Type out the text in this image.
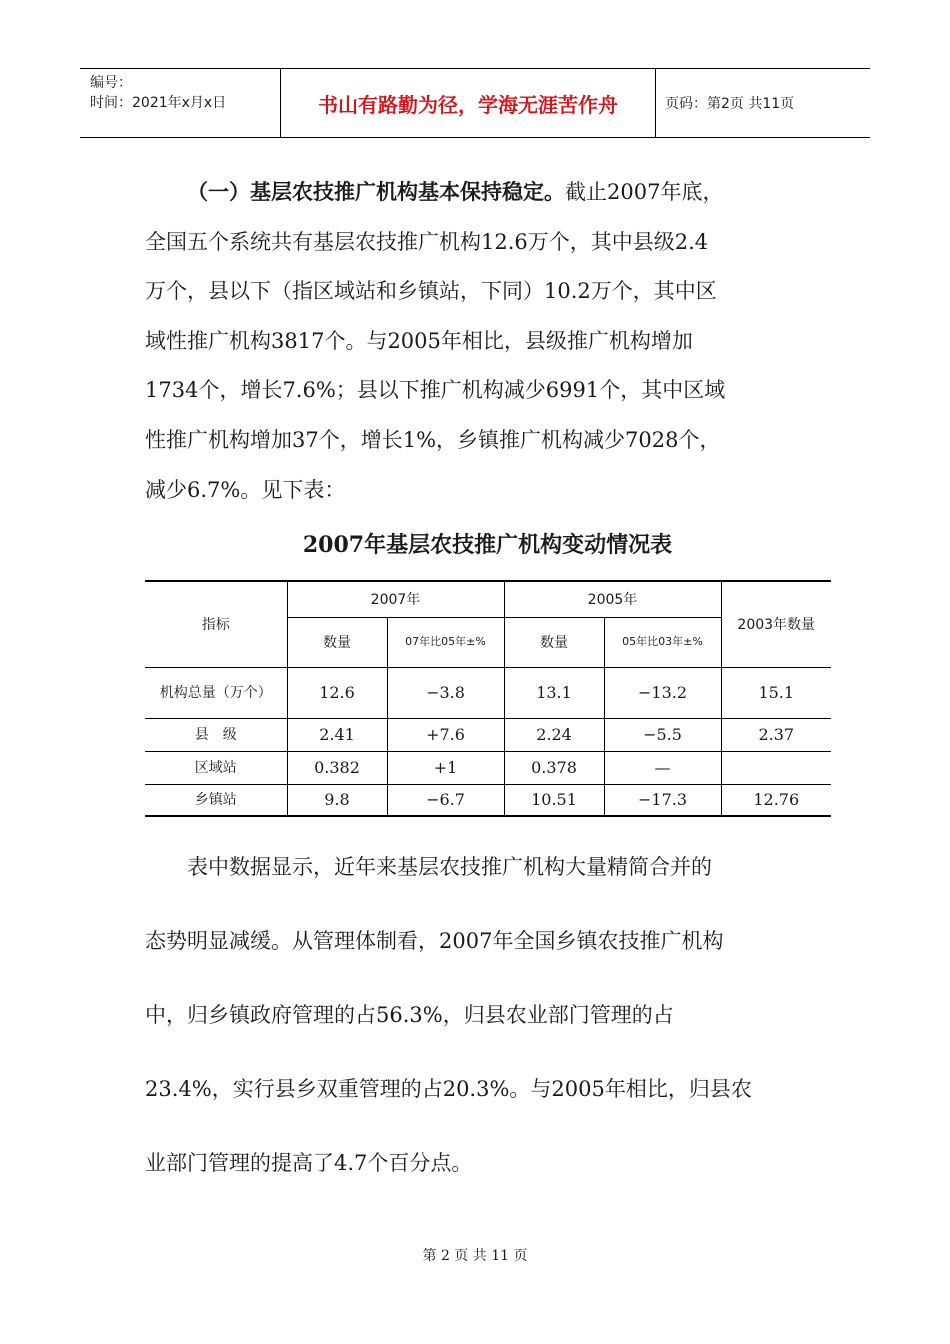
编号：
时间：2021年x月x日	书山有路勤为径，学海无涯苦作舟	页码：第2页 共11页
（一）基层农技推广机构基本保持稳定。截止2007年底，
全国五个系统共有基层农技推广机构12.6万个，其中县级2.4
万个，县以下（指区域站和乡镇站，下同）10.2万个，其中区
域性推广机构3817个。与2005年相比，县级推广机构增加
1734个，增长7.6%；县以下推广机构减少6991个，其中区域
性推广机构增加37个，增长1%，乡镇推广机构减少7028个，
减少6.7%。见下表：
2007年基层农技推广机构变动情况表
指标	2007年		2005年		2003年数量
	数量	07年比05年±%	数量	05年比03年±%	
机构总量（万个）	12.6	−3.8	13.1	−13.2	15.1
县　级	2.41	+7.6	2.24	−5.5	2.37
区域站	0.382	+1	0.378	—	
乡镇站	9.8	−6.7	10.51	−17.3	12.76
表中数据显示，近年来基层农技推广机构大量精简合并的
态势明显减缓。从管理体制看，2007年全国乡镇农技推广机构
中，归乡镇政府管理的占56.3%，归县农业部门管理的占
23.4%，实行县乡双重管理的占20.3%。与2005年相比，归县农
业部门管理的提高了4.7个百分点。
第 2 页 共 11 页
